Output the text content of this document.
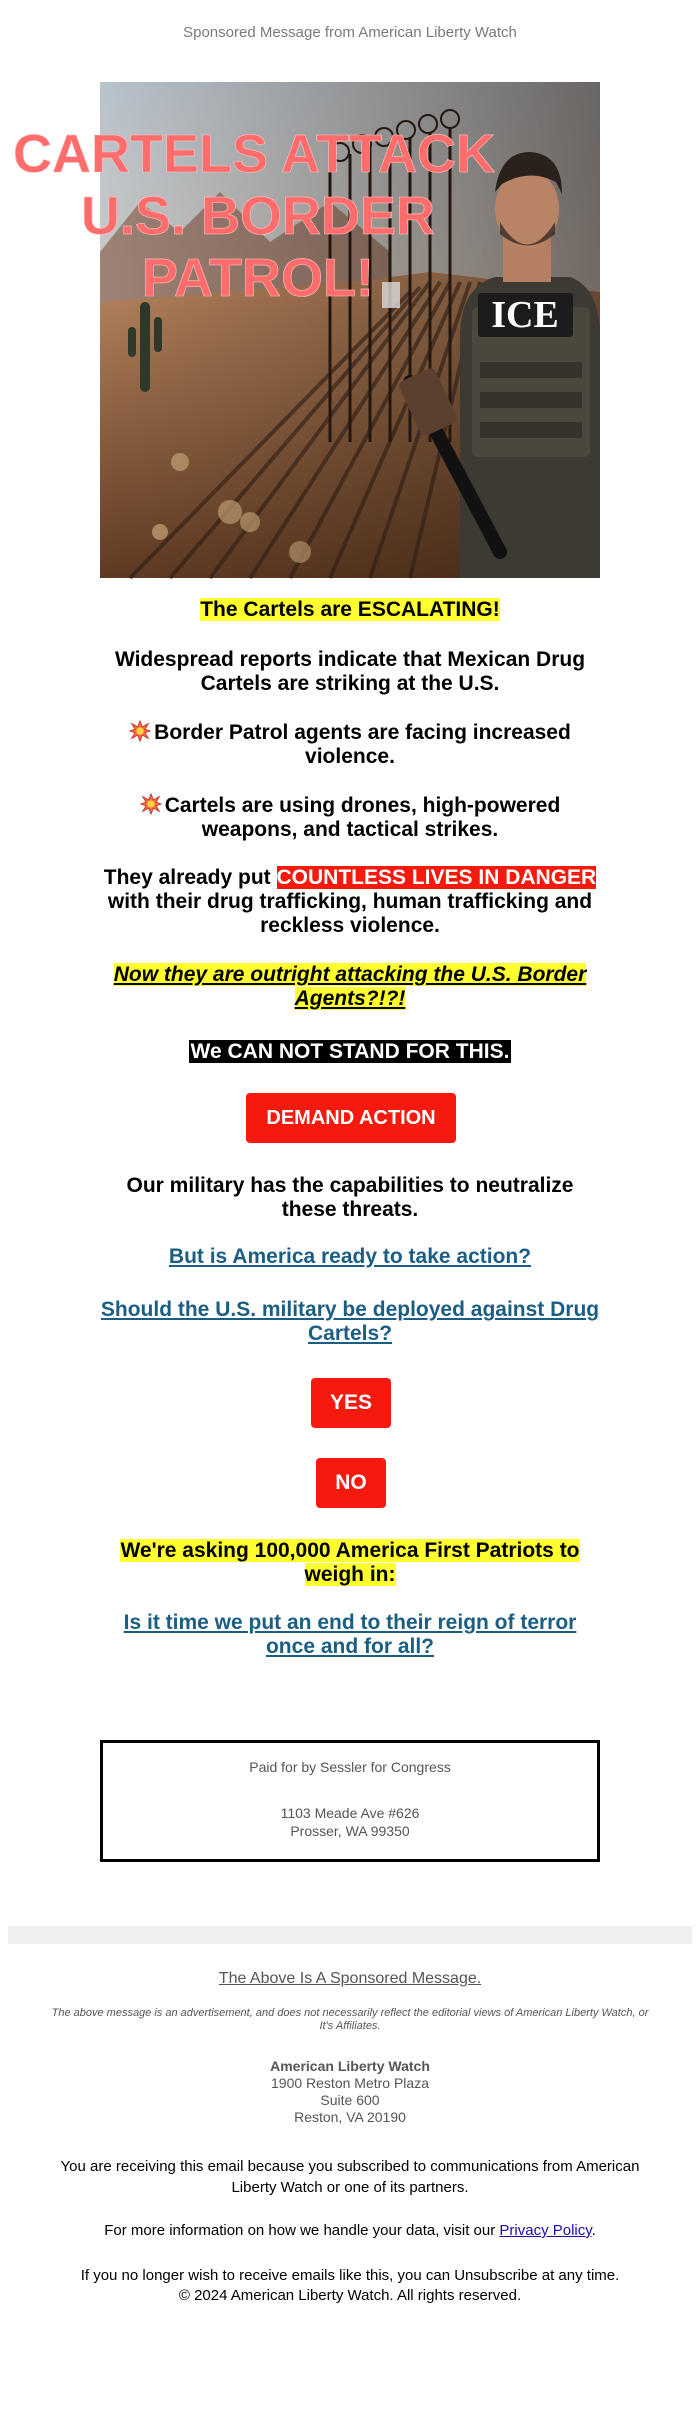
Sponsored Message from American Liberty Watch
CARTELS ATTACK
U.S. BORDER
PATROL!
ICE
The Cartels are ESCALATING!
Widespread reports indicate that Mexican Drug Cartels are striking at the U.S.
Border Patrol agents are facing increased violence.
Cartels are using drones, high-powered weapons, and tactical strikes.
They already put COUNTLESS LIVES IN DANGER with their drug trafficking, human trafficking and reckless violence.
Now they are outright attacking the U.S. Border Agents?!?!
We CAN NOT STAND FOR THIS.
DEMAND ACTION
Our military has the capabilities to neutralize these threats.
But is America ready to take action?
Should the U.S. military be deployed against Drug Cartels?
YES
NO
We're asking 100,000 America First Patriots to weigh in:
Is it time we put an end to their reign of terror once and for all?
Paid for by Sessler for Congress
1103 Meade Ave #626
Prosser, WA 99350
The Above Is A Sponsored Message.
The above message is an advertisement, and does not necessarily reflect the editorial views of American Liberty Watch, or It's Affiliates.
American Liberty Watch
1900 Reston Metro Plaza
Suite 600
Reston, VA 20190
You are receiving this email because you subscribed to communications from American Liberty Watch or one of its partners.
For more information on how we handle your data, visit our Privacy Policy.
If you no longer wish to receive emails like this, you can Unsubscribe at any time.
© 2024 American Liberty Watch. All rights reserved.
